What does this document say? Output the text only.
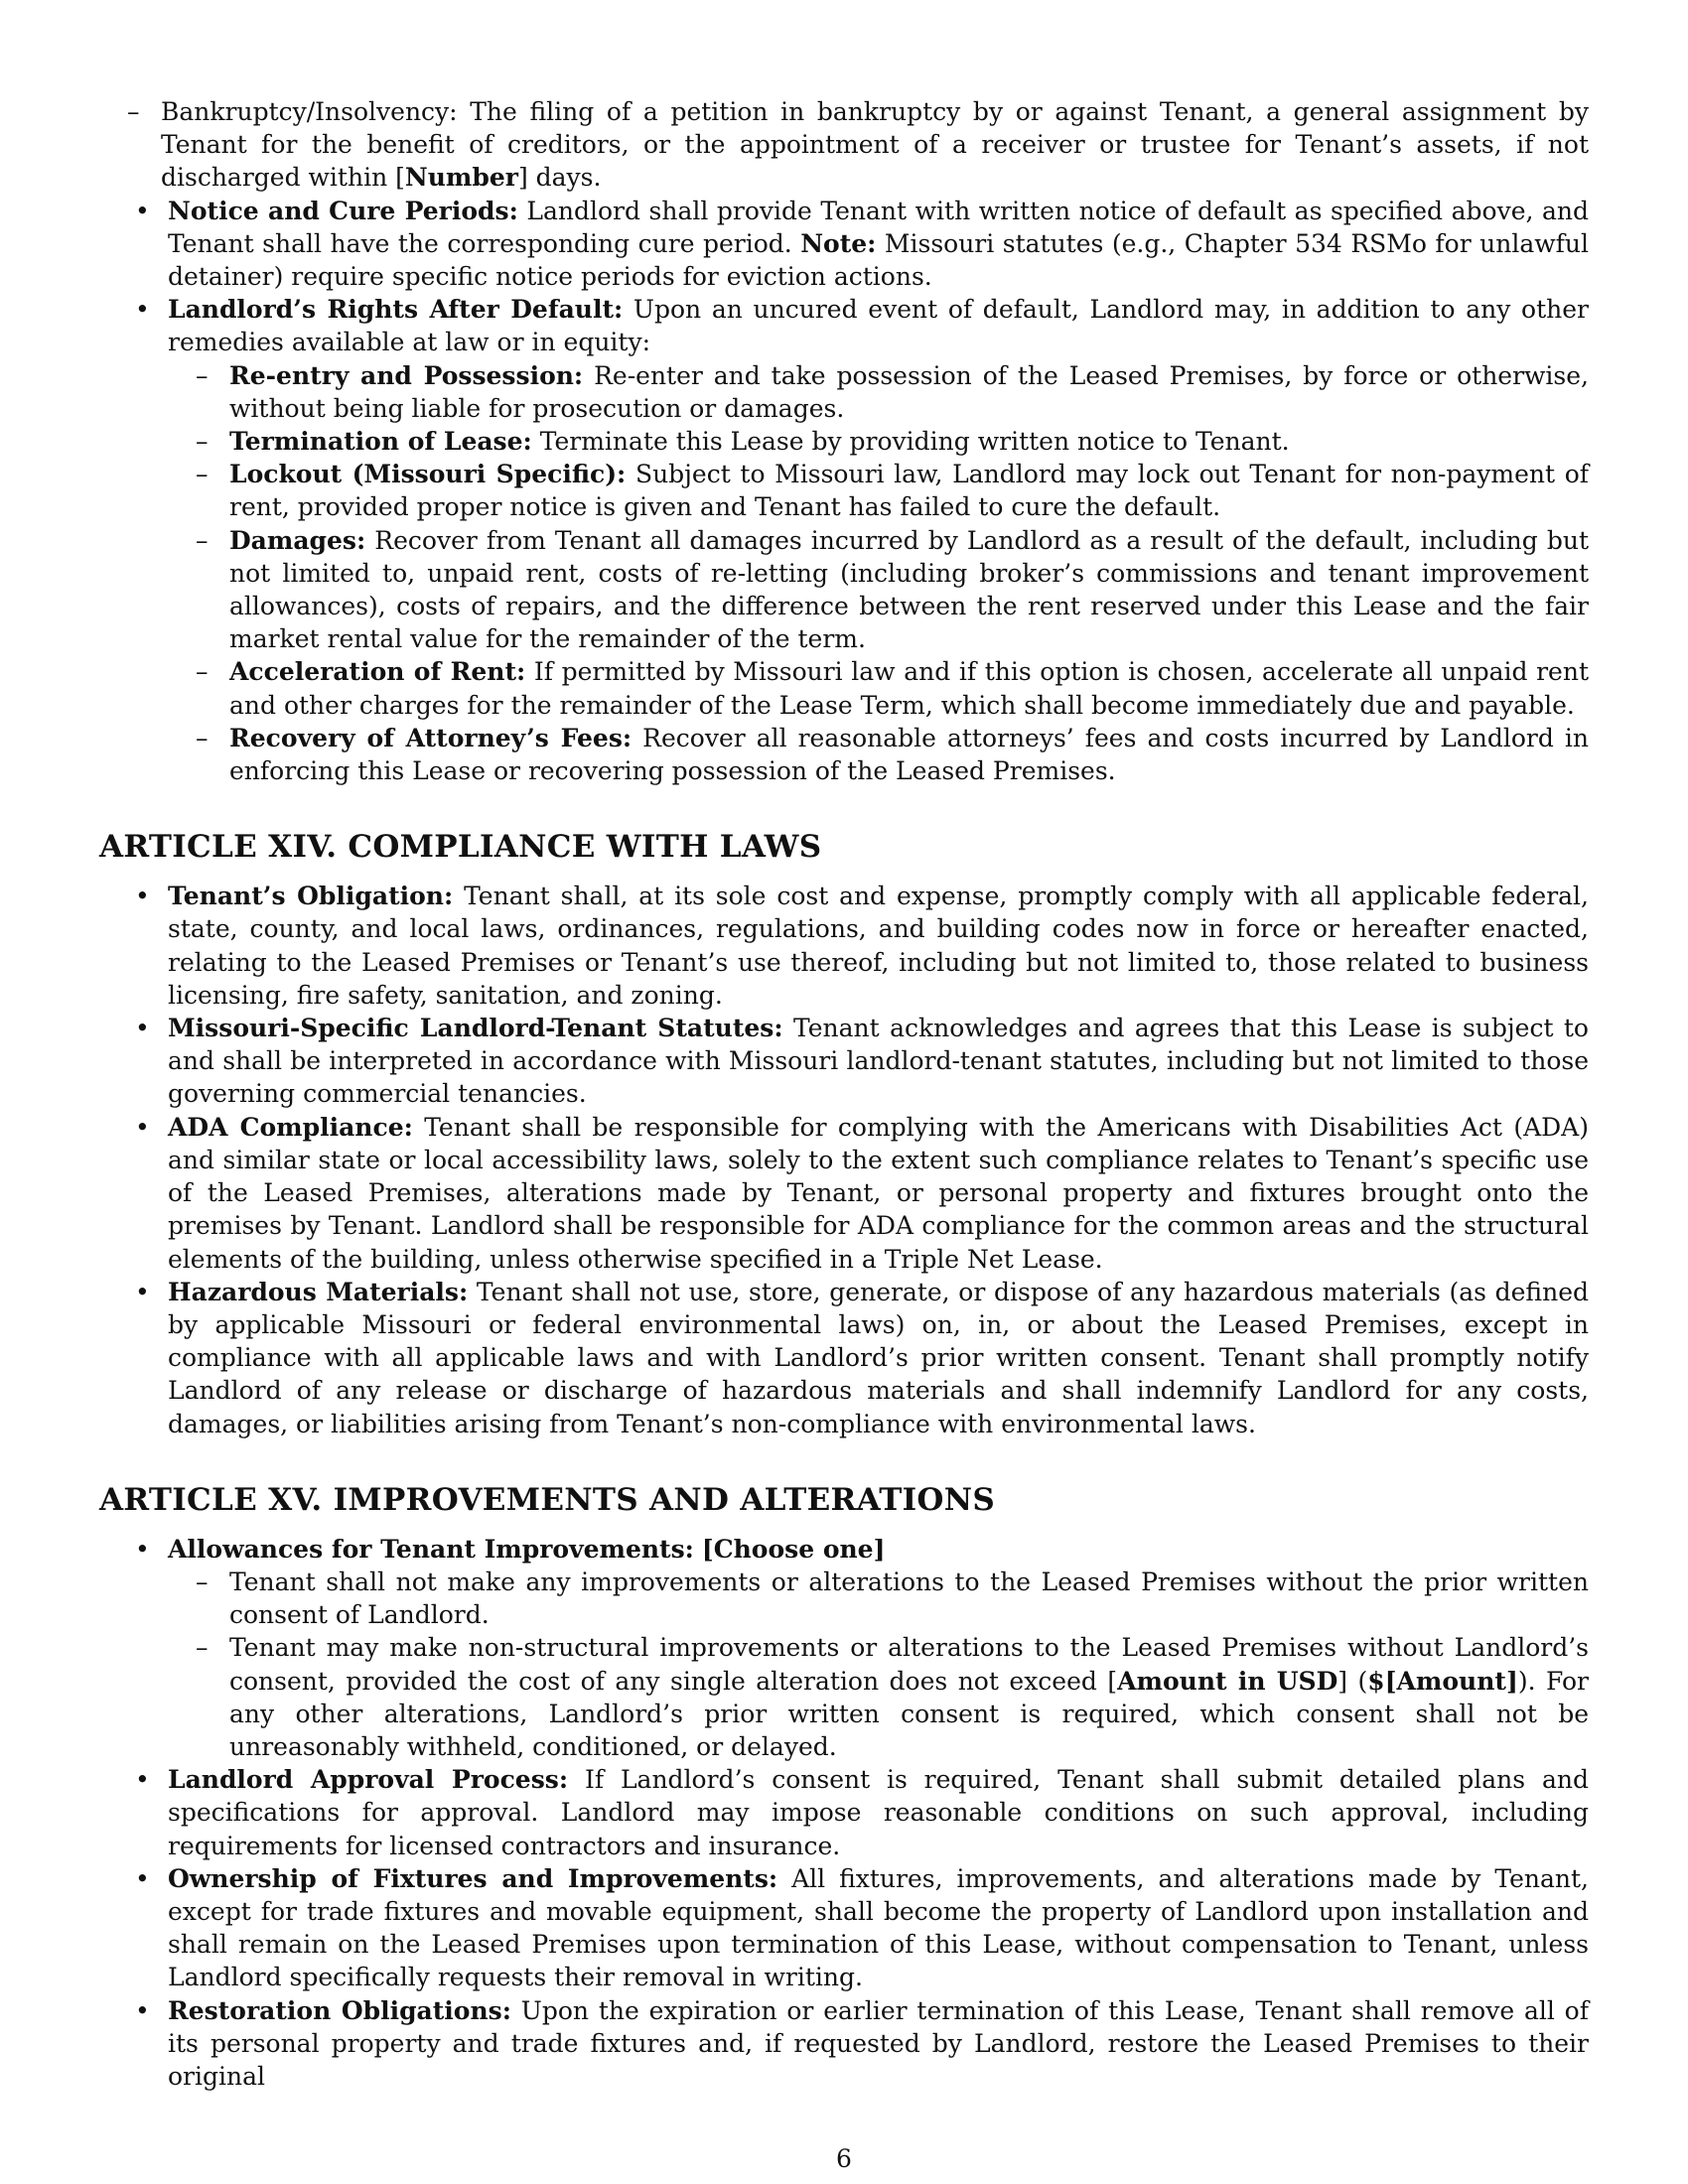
– Bankruptcy/Insolvency: The filing of a petition in bankruptcy by or against Tenant, a general assignment by Tenant for the benefit of creditors, or the appointment of a receiver or trustee for Tenant’s assets, if not discharged within [Number] days.
• Notice and Cure Periods: Landlord shall provide Tenant with written notice of default as specified above, and Tenant shall have the corresponding cure period. Note: Missouri statutes (e.g., Chapter 534 RSMo for unlawful detainer) require specific notice periods for eviction actions.
• Landlord’s Rights After Default: Upon an uncured event of default, Landlord may, in addition to any other remedies available at law or in equity:
– Re-entry and Possession: Re-enter and take possession of the Leased Premises, by force or otherwise, without being liable for prosecution or damages.
– Termination of Lease: Terminate this Lease by providing written notice to Tenant.
– Lockout (Missouri Specific): Subject to Missouri law, Landlord may lock out Tenant for non-payment of rent, provided proper notice is given and Tenant has failed to cure the default.
– Damages: Recover from Tenant all damages incurred by Landlord as a result of the default, including but not limited to, unpaid rent, costs of re-letting (including broker’s commissions and tenant improvement allowances), costs of repairs, and the difference between the rent reserved under this Lease and the fair market rental value for the remainder of the term.
– Acceleration of Rent: If permitted by Missouri law and if this option is chosen, accelerate all unpaid rent and other charges for the remainder of the Lease Term, which shall become immediately due and payable.
– Recovery of Attorney’s Fees: Recover all reasonable attorneys’ fees and costs incurred by Landlord in enforcing this Lease or recovering possession of the Leased Premises.
ARTICLE XIV. COMPLIANCE WITH LAWS
• Tenant’s Obligation: Tenant shall, at its sole cost and expense, promptly comply with all applicable federal, state, county, and local laws, ordinances, regulations, and building codes now in force or hereafter enacted, relating to the Leased Premises or Tenant’s use thereof, including but not limited to, those related to business licensing, fire safety, sanitation, and zoning.
• Missouri-Specific Landlord-Tenant Statutes: Tenant acknowledges and agrees that this Lease is subject to and shall be interpreted in accordance with Missouri landlord-tenant statutes, including but not limited to those governing commercial tenancies.
• ADA Compliance: Tenant shall be responsible for complying with the Americans with Disabilities Act (ADA) and similar state or local accessibility laws, solely to the extent such compliance relates to Tenant’s specific use of the Leased Premises, alterations made by Tenant, or personal property and fixtures brought onto the premises by Tenant. Landlord shall be responsible for ADA compliance for the common areas and the structural elements of the building, unless otherwise specified in a Triple Net Lease.
• Hazardous Materials: Tenant shall not use, store, generate, or dispose of any hazardous materials (as defined by applicable Missouri or federal environmental laws) on, in, or about the Leased Premises, except in compliance with all applicable laws and with Landlord’s prior written consent. Tenant shall promptly notify Landlord of any release or discharge of hazardous materials and shall indemnify Landlord for any costs, damages, or liabilities arising from Tenant’s non-compliance with environmental laws.
ARTICLE XV. IMPROVEMENTS AND ALTERATIONS
• Allowances for Tenant Improvements: [Choose one]
– Tenant shall not make any improvements or alterations to the Leased Premises without the prior written consent of Landlord.
– Tenant may make non-structural improvements or alterations to the Leased Premises without Landlord’s consent, provided the cost of any single alteration does not exceed [Amount in USD] ($[Amount]). For any other alterations, Landlord’s prior written consent is required, which consent shall not be unreasonably withheld, conditioned, or delayed.
• Landlord Approval Process: If Landlord’s consent is required, Tenant shall submit detailed plans and specifications for approval. Landlord may impose reasonable conditions on such approval, including requirements for licensed contractors and insurance.
• Ownership of Fixtures and Improvements: All fixtures, improvements, and alterations made by Tenant, except for trade fixtures and movable equipment, shall become the property of Landlord upon installation and shall remain on the Leased Premises upon termination of this Lease, without compensation to Tenant, unless Landlord specifically requests their removal in writing.
• Restoration Obligations: Upon the expiration or earlier termination of this Lease, Tenant shall remove all of its personal property and trade fixtures and, if requested by Landlord, restore the Leased Premises to their original
6
